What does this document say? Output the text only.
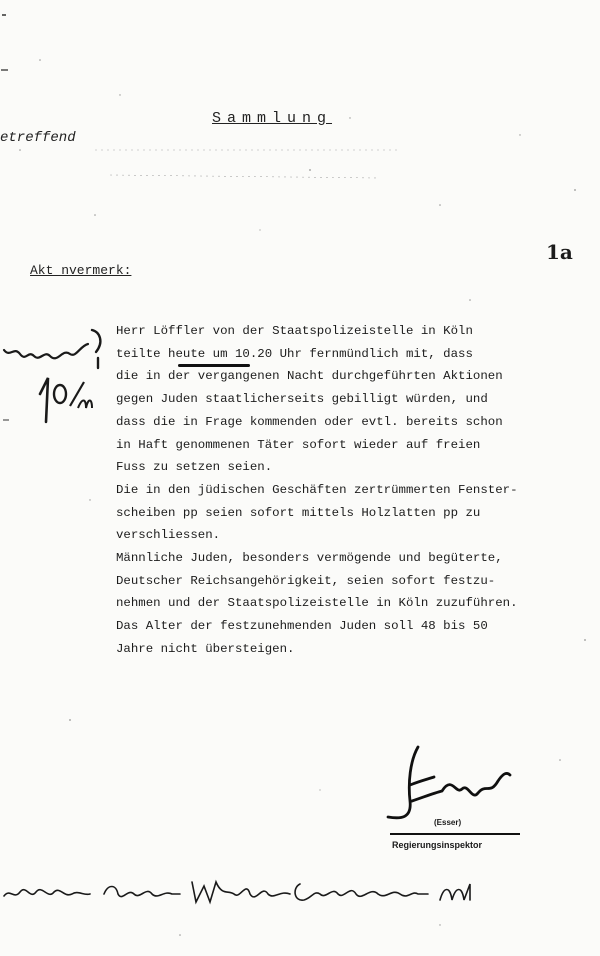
Sammlung
etreffend
1a
Akt nvermerk:
Herr Löffler von der Staatspolizeistelle in Köln
teilte heute um 10.20 Uhr fernmündlich mit, dass
die in der vergangenen Nacht durchgeführten Aktionen
gegen Juden staatlicherseits gebilligt würden, und
dass die in Frage kommenden oder evtl. bereits schon
in Haft genommenen Täter sofort wieder auf freien
Fuss zu setzen seien.
Die in den jüdischen Geschäften zertrümmerten Fenster-
scheiben pp seien sofort mittels Holzlatten pp zu
verschliessen.
Männliche Juden, besonders vermögende und begüterte,
Deutscher Reichsangehörigkeit, seien sofort festzu-
nehmen und der Staatspolizeistelle in Köln zuzuführen.
Das Alter der festzunehmenden Juden soll 48 bis 50
Jahre nicht übersteigen.
(Esser)
Regierungsinspektor
